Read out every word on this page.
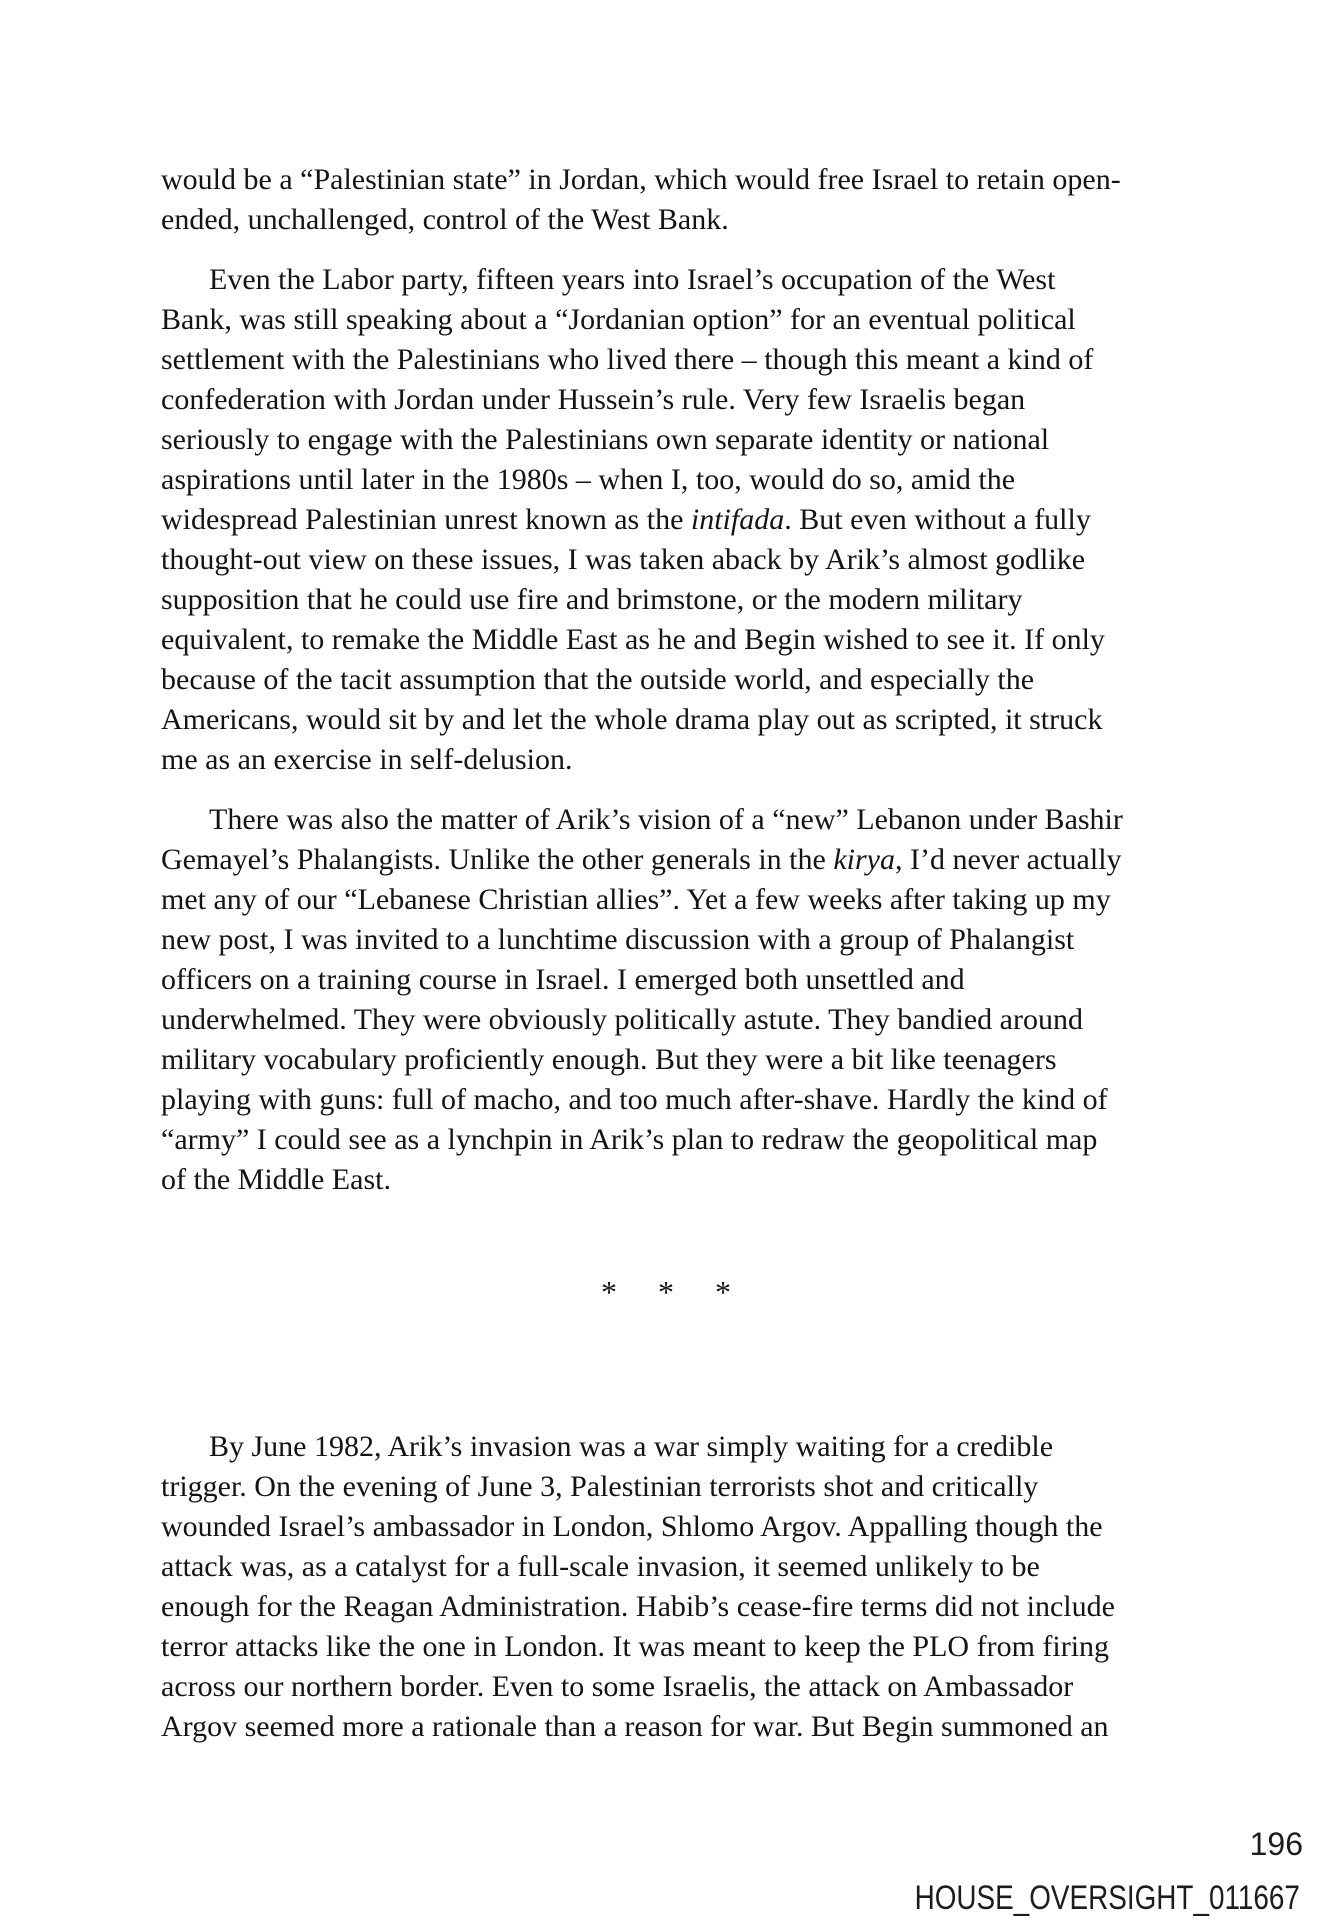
would be a “Palestinian state” in Jordan, which would free Israel to retain open-
ended, unchallenged, control of the West Bank.
Even the Labor party, fifteen years into Israel’s occupation of the West
Bank, was still speaking about a “Jordanian option” for an eventual political
settlement with the Palestinians who lived there – though this meant a kind of
confederation with Jordan under Hussein’s rule. Very few Israelis began
seriously to engage with the Palestinians own separate identity or national
aspirations until later in the 1980s – when I, too, would do so, amid the
widespread Palestinian unrest known as the intifada. But even without a fully
thought-out view on these issues, I was taken aback by Arik’s almost godlike
supposition that he could use fire and brimstone, or the modern military
equivalent, to remake the Middle East as he and Begin wished to see it. If only
because of the tacit assumption that the outside world, and especially the
Americans, would sit by and let the whole drama play out as scripted, it struck
me as an exercise in self-delusion.
There was also the matter of Arik’s vision of a “new” Lebanon under Bashir
Gemayel’s Phalangists. Unlike the other generals in the kirya, I’d never actually
met any of our “Lebanese Christian allies”. Yet a few weeks after taking up my
new post, I was invited to a lunchtime discussion with a group of Phalangist
officers on a training course in Israel. I emerged both unsettled and
underwhelmed. They were obviously politically astute. They bandied around
military vocabulary proficiently enough. But they were a bit like teenagers
playing with guns: full of macho, and too much after-shave. Hardly the kind of
“army” I could see as a lynchpin in Arik’s plan to redraw the geopolitical map
of the Middle East.
* * *
By June 1982, Arik’s invasion was a war simply waiting for a credible
trigger. On the evening of June 3, Palestinian terrorists shot and critically
wounded Israel’s ambassador in London, Shlomo Argov. Appalling though the
attack was, as a catalyst for a full-scale invasion, it seemed unlikely to be
enough for the Reagan Administration. Habib’s cease-fire terms did not include
terror attacks like the one in London. It was meant to keep the PLO from firing
across our northern border. Even to some Israelis, the attack on Ambassador
Argov seemed more a rationale than a reason for war. But Begin summoned an
196
HOUSE_OVERSIGHT_011667
